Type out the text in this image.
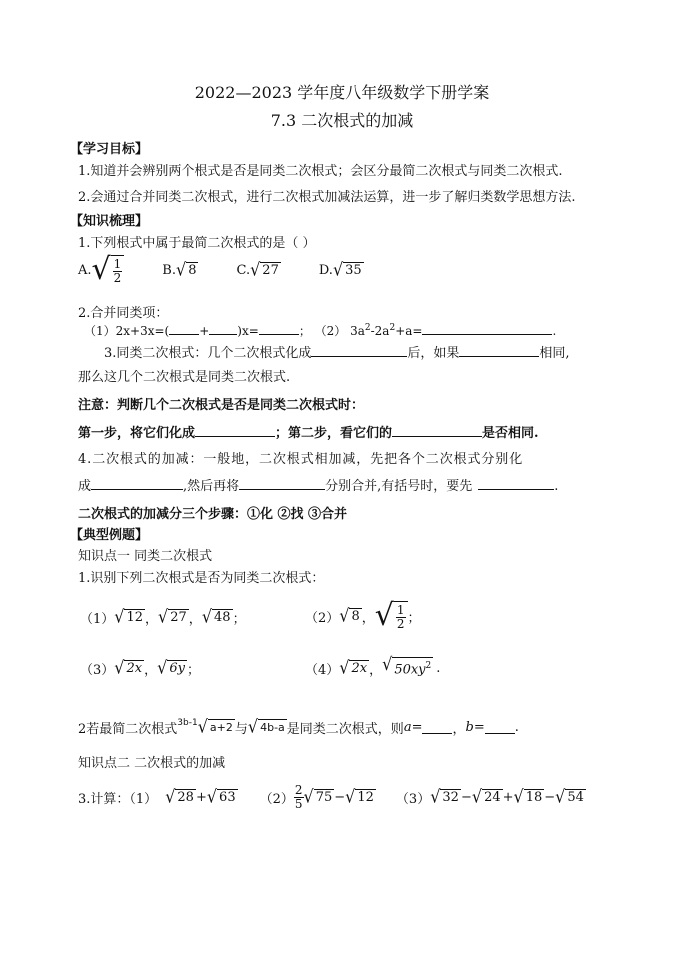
2022—2023 学年度八年级数学下册学案
7.3 二次根式的加减
【学习目标】
1.知道并会辨别两个根式是否是同类二次根式；会区分最简二次根式与同类二次根式.
2.会通过合并同类二次根式，进行二次根式加减法运算，进一步了解归类数学思想方法.
【知识梳理】
1.下列根式中属于最简二次根式的是（ ）
A. √ $\frac{1}{2}$	B. √ 8	C. √ 27	D. √ 35
2.合并同类项：
（1）2x+3x=(	+ )x=	； （2） $3a^2-2a^2+a=$	.
3.同类二次根式：几个二次根式化成	后，如果	相同,
那么这几个二次根式是同类二次根式.
注意：判断几个二次根式是否是同类二次根式时：
第一步，将它们化成	；第二步，看它们的	是否相同.
4.二次根式的加减：一般地，二次根式相加减，先把各个二次根式分别化
成	,然后再将	分别合并,有括号时，要先	.
二次根式的加减分三个步骤：①化 ②找 ③合并
【典型例题】
知识点一 同类二次根式
1.识别下列二次根式是否为同类二次根式：
（1） √ 12 ， √ 27 ， √ 48 ；	（2） √ 8 ， √ $\frac{1}{2}$ ；
（3） √ 2x ， √ 6y ；	（4） √ 2x ， √ $50xy^2$ .
2若最简二次根式$^{3b-1}$ √ a+2 与 √ 4b-a 是同类二次根式，则 a = ， b = .
知识点二 二次根式的加减
3.计算：（1） √ 28 + √ 63 $(2) \frac{2}{5}$ √ 75 − √ 12 （3） √ 32 − √ 24 + √ 18 − √ 54
